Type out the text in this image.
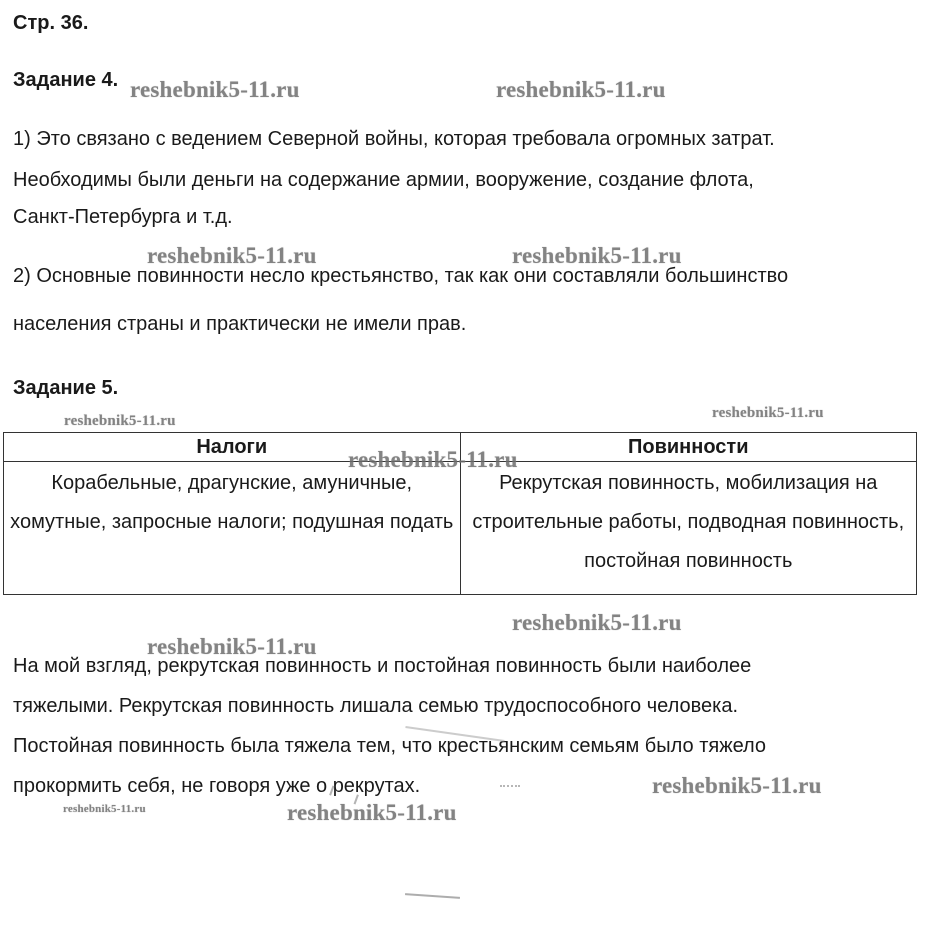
Стр. 36.
Задание 4.
1) Это связано с ведением Северной войны, которая требовала огромных затрат.
Необходимы были деньги на содержание армии, вооружение, создание флота,
Санкт-Петербурга и т.д.
2) Основные повинности несло крестьянство, так как они составляли большинство
населения страны и практически не имели прав.
Задание 5.
Налоги	Повинности
Корабельные, драгунские, амуничные, хомутные, запросные налоги; подушная подать	Рекрутская повинность, мобилизация на строительные работы, подводная повинность, постойная повинность
На мой взгляд, рекрутская повинность и постойная повинность были наиболее
тяжелыми. Рекрутская повинность лишала семью трудоспособного человека.
Постойная повинность была тяжела тем, что крестьянским семьям было тяжело
прокормить себя, не говоря уже о рекрутах.
reshebnik5-11.ru	reshebnik5-11.ru
reshebnik5-11.ru	reshebnik5-11.ru
reshebnik5-11.ru	reshebnik5-11.ru
reshebnik5-11.ru
reshebnik5-11.ru
reshebnik5-11.ru
reshebnik5-11.ru
reshebnik5-11.ru	reshebnik5-11.ru
